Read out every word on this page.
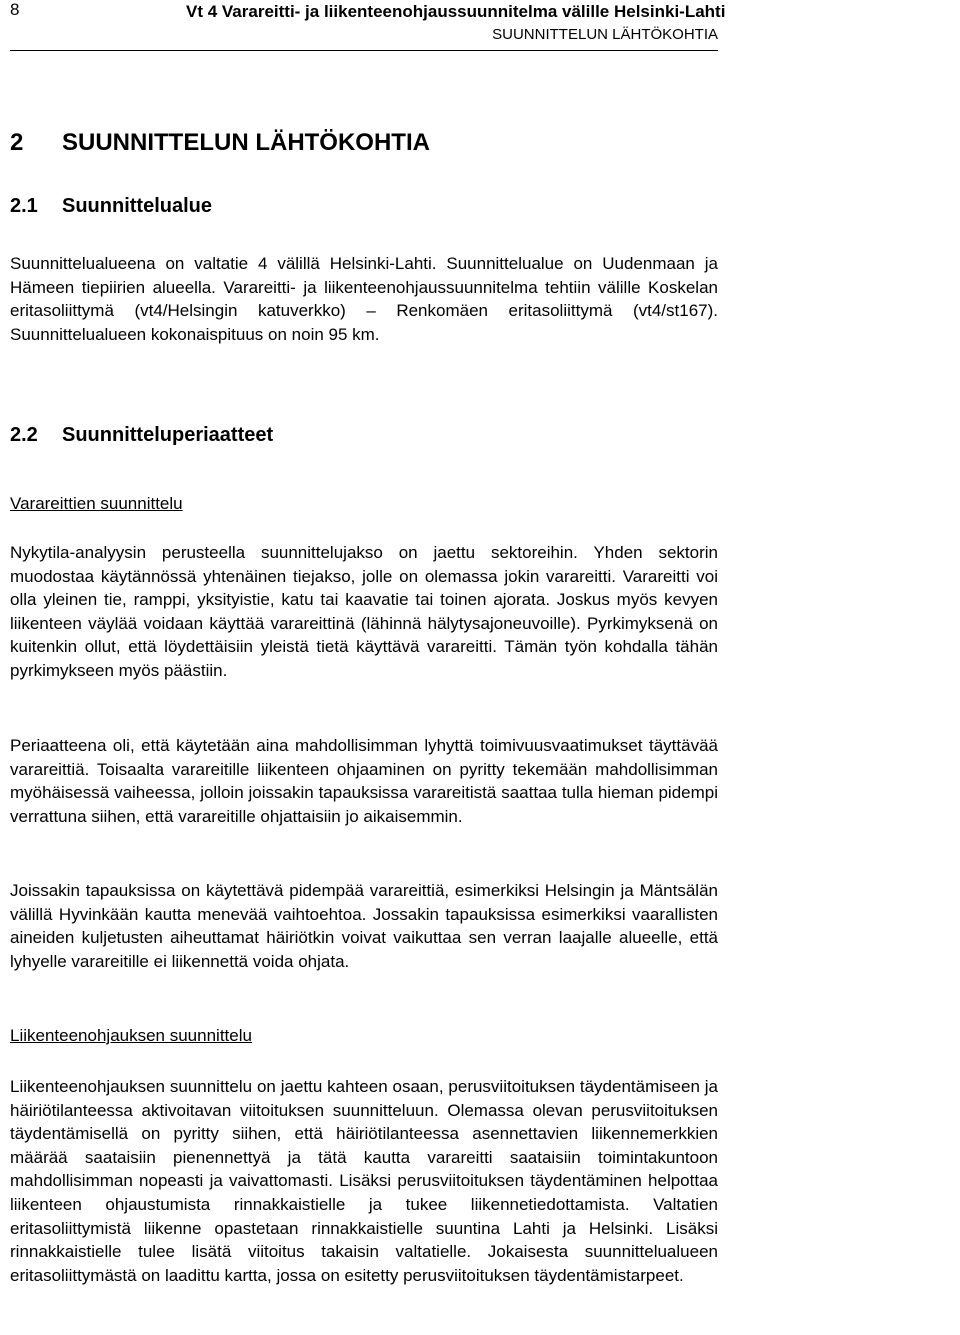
8	Vt 4 Varareitti- ja liikenteenohjaussuunnitelma välille Helsinki-Lahti
SUUNNITTELUN LÄHTÖKOHTIA
2 SUUNNITTELUN LÄHTÖKOHTIA
2.1 Suunnittelualue

Suunnittelualueena on valtatie 4 välillä Helsinki-Lahti. Suunnittelualue on Uudenmaan ja Hämeen tiepiirien alueella. Varareitti- ja liikenteenohjaussuunnitelma tehtiin välille Koskelan eritasoliittymä (vt4/Helsingin katuverkko) – Renkomäen eritasoliittymä (vt4/st167). Suunnittelualueen kokonaispituus on noin 95 km.

2.2 Suunnitteluperiaatteet
Varareittien suunnittelu

Nykytila-analyysin perusteella suunnittelujakso on jaettu sektoreihin. Yhden sektorin muodostaa käytännössä yhtenäinen tiejakso, jolle on olemassa jokin varareitti. Varareitti voi olla yleinen tie, ramppi, yksityistie, katu tai kaavatie tai toinen ajorata. Joskus myös kevyen liikenteen väylää voidaan käyttää varareittinä (lähinnä hälytysajoneuvoille). Pyrkimyksenä on kuitenkin ollut, että löydettäisiin yleistä tietä käyttävä varareitti. Tämän työn kohdalla tähän pyrkimykseen myös päästiin.

Periaatteena oli, että käytetään aina mahdollisimman lyhyttä toimivuusvaatimukset täyttävää varareittiä. Toisaalta varareitille liikenteen ohjaaminen on pyritty tekemään mahdollisimman myöhäisessä vaiheessa, jolloin joissakin tapauksissa varareitistä saattaa tulla hieman pidempi verrattuna siihen, että varareitille ohjattaisiin jo aikaisemmin.

Joissakin tapauksissa on käytettävä pidempää varareittiä, esimerkiksi Helsingin ja Mäntsälän välillä Hyvinkään kautta menevää vaihtoehtoa. Jossakin tapauksissa esimerkiksi vaarallisten aineiden kuljetusten aiheuttamat häiriötkin voivat vaikuttaa sen verran laajalle alueelle, että lyhyelle varareitille ei liikennettä voida ohjata.

Liikenteenohjauksen suunnittelu

Liikenteenohjauksen suunnittelu on jaettu kahteen osaan, perusviitoituksen täydentämiseen ja häiriötilanteessa aktivoitavan viitoituksen suunnitteluun. Olemassa olevan perusviitoituksen täydentämisellä on pyritty siihen, että häiriötilanteessa asennettavien liikennemerkkien määrää saataisiin pienennettyä ja tätä kautta varareitti saataisiin toimintakuntoon mahdollisimman nopeasti ja vaivattomasti. Lisäksi perusviitoituksen täydentäminen helpottaa liikenteen ohjaustumista rinnakkaistielle ja tukee liikennetiedottamista. Valtatien eritasoliittymistä liikenne opastetaan rinnakkaistielle suuntina Lahti ja Helsinki. Lisäksi rinnakkaistielle tulee lisätä viitoitus takaisin valtatielle. Jokaisesta suunnittelualueen eritasoliittymästä on laadittu kartta, jossa on esitetty perusviitoituksen täydentämistarpeet.
